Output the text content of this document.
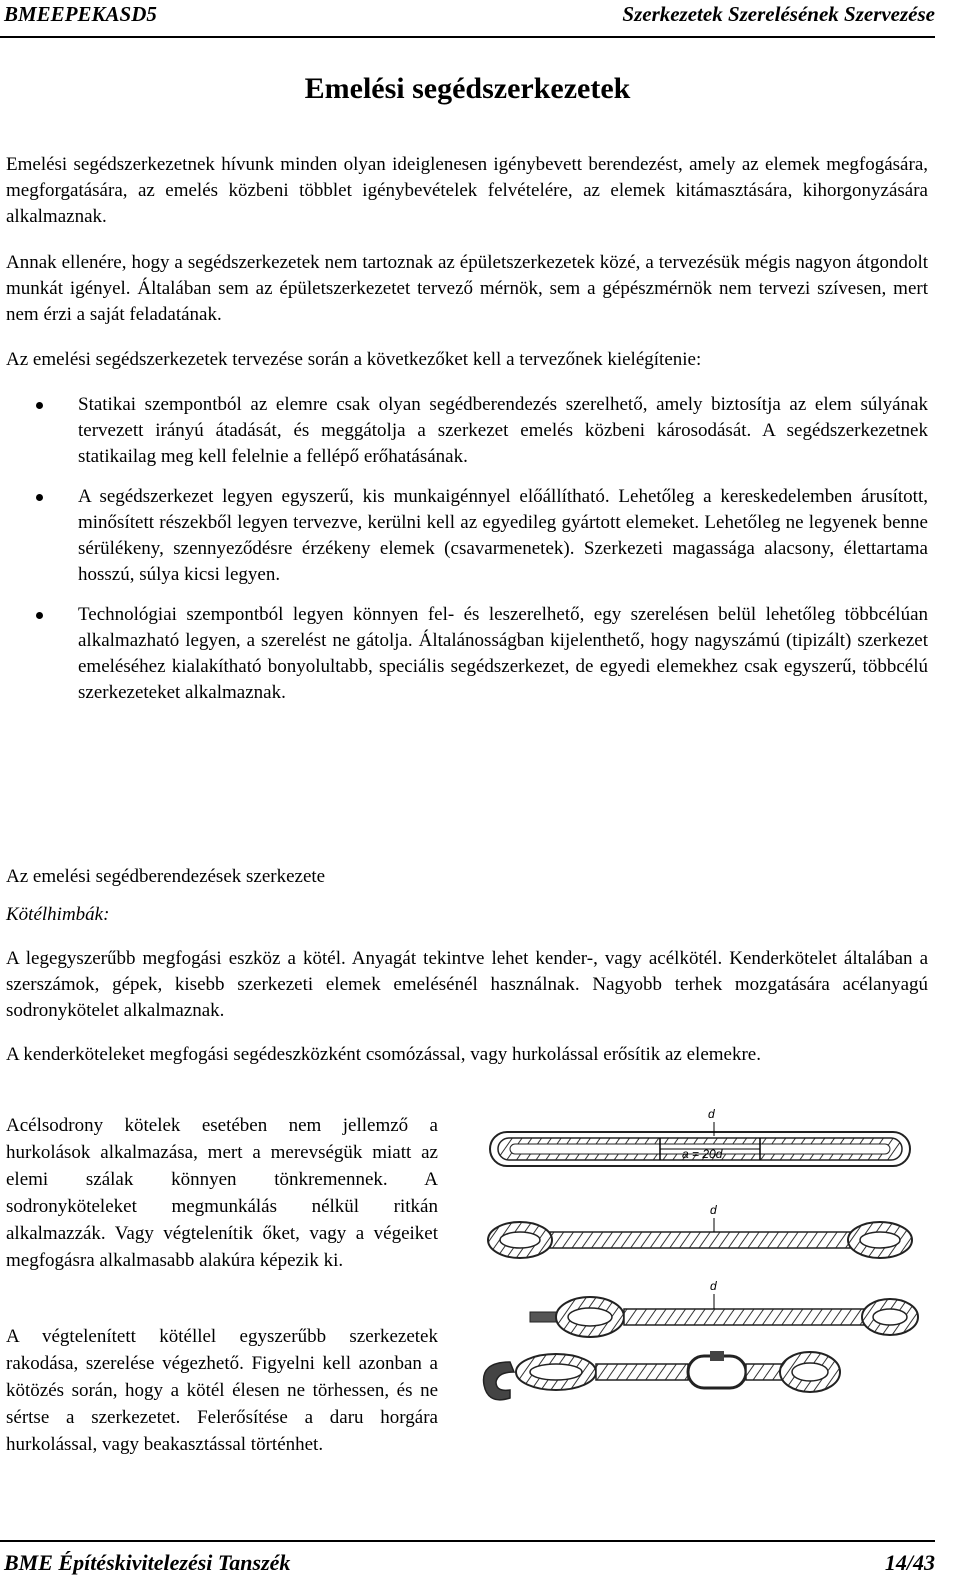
BMEEPEKASD5	Szerkezetek Szerelésének Szervezése
Emelési segédszerkezetek

Emelési segédszerkezetnek hívunk minden olyan ideiglenesen igénybevett berendezést, amely az elemek megfogására, megforgatására, az emelés közbeni többlet igénybevételek felvételére, az elemek kitámasztására, kihorgonyzására alkalmaznak.

Annak ellenére, hogy a segédszerkezetek nem tartoznak az épületszerkezetek közé, a tervezésük mégis nagyon átgondolt munkát igényel. Általában sem az épületszerkezetet tervező mérnök, sem a gépészmérnök nem tervezi szívesen, mert nem érzi a saját feladatának.

Az emelési segédszerkezetek tervezése során a következőket kell a tervezőnek kielégítenie:

Statikai szempontból az elemre csak olyan segédberendezés szerelhető, amely biztosítja az elem súlyának tervezett irányú átadását, és meggátolja a szerkezet emelés közbeni károsodását. A segédszerkezetnek statikailag meg kell felelnie a fellépő erőhatásának.
A segédszerkezet legyen egyszerű, kis munkaigénnyel előállítható. Lehetőleg a kereskedelemben árusított, minősített részekből legyen tervezve, kerülni kell az egyedileg gyártott elemeket. Lehetőleg ne legyenek benne sérülékeny, szennyeződésre érzékeny elemek (csavarmenetek). Szerkezeti magassága alacsony, élettartama hosszú, súlya kicsi legyen.
Technológiai szempontból legyen könnyen fel- és leszerelhető, egy szerelésen belül lehetőleg többcélúan alkalmazható legyen, a szerelést ne gátolja. Általánosságban kijelenthető, hogy nagyszámú (tipizált) szerkezet emeléséhez kialakítható bonyolultabb, speciális segédszerkezet, de egyedi elemekhez csak egyszerű, többcélú szerkezeteket alkalmaznak.
Az emelési segédberendezések szerkezete
Kötélhimbák:

A legegyszerűbb megfogási eszköz a kötél. Anyagát tekintve lehet kender-, vagy acélkötél. Kenderkötelet általában a szerszámok, gépek, kisebb szerkezeti elemek emelésénél használnak. Nagyobb terhek mozgatására acélanyagú sodronykötelet alkalmaznak.

A kenderköteleket megfogási segédeszközként csomózással, vagy hurkolással erősítik az elemekre.

Acélsodrony kötelek esetében nem jellemző a hurkolások alkalmazása, mert a merevségük miatt az elemi szálak könnyen tönkremennek. A sodronyköteleket megmunkálás nélkül ritkán alkalmazzák. Vagy végtelenítik őket, vagy a végeiket megfogásra alkalmasabb alakúra képezik ki.

A végtelenített kötéllel egyszerűbb szerkezetek rakodása, szerelése végezhető. Figyelni kell azonban a kötözés során, hogy a kötél élesen ne törhessen, és ne sértse a szerkezetet. Felerősítése a daru horgára hurkolással, vagy beakasztással történhet.

a = 20d
d
d
d
BME Építéskivitelezési Tanszék	14/43
